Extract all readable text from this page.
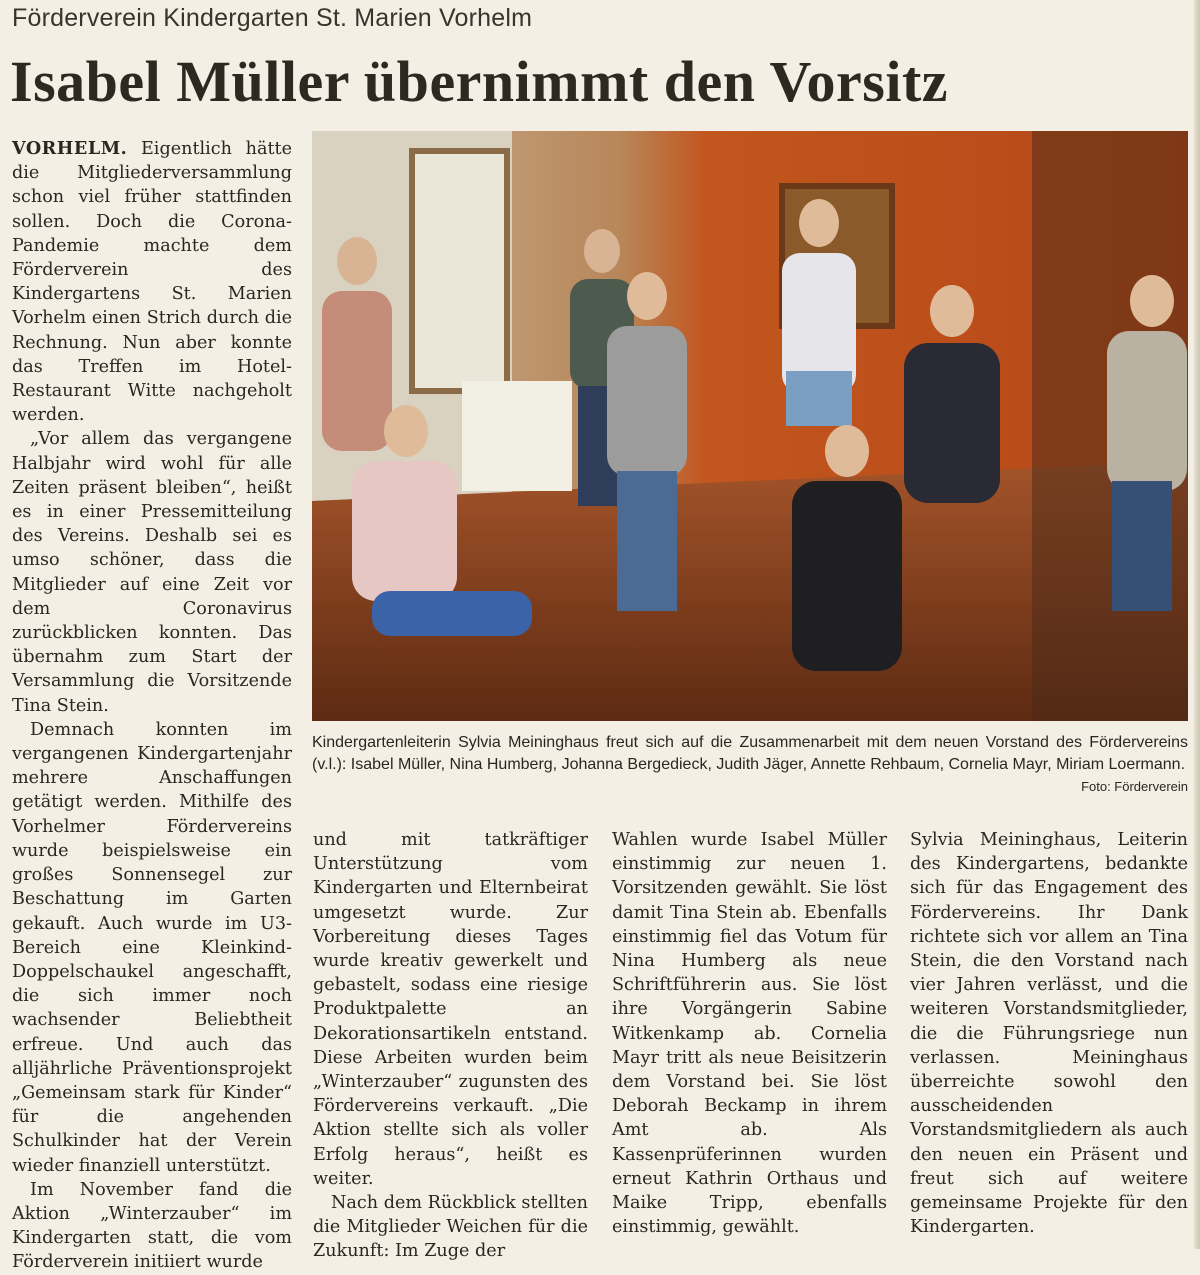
Förderverein Kindergarten St. Marien Vorhelm
Isabel Müller übernimmt den Vorsitz

VORHELM. Eigentlich hätte die Mitgliederversammlung schon viel früher stattfinden sollen. Doch die Corona-Pandemie machte dem Förderverein des Kindergartens St. Marien Vorhelm einen Strich durch die Rechnung. Nun aber konnte das Treffen im Hotel-Restaurant Witte nachgeholt werden.

„Vor allem das vergangene Halbjahr wird wohl für alle Zeiten präsent bleiben“, heißt es in einer Pressemitteilung des Vereins. Deshalb sei es umso schöner, dass die Mitglieder auf eine Zeit vor dem Coronavirus zurückblicken konnten. Das übernahm zum Start der Versammlung die Vorsitzende Tina Stein.

Demnach konnten im vergangenen Kindergartenjahr mehrere Anschaffungen getätigt werden. Mithilfe des Vorhelmer Fördervereins wurde beispielsweise ein großes Sonnensegel zur Beschattung im Garten gekauft. Auch wurde im U3-Bereich eine Kleinkind-Doppelschaukel angeschafft, die sich immer noch wachsender Beliebtheit erfreue. Und auch das alljährliche Präventionsprojekt „Gemeinsam stark für Kinder“ für die angehenden Schulkinder hat der Verein wieder finanziell unterstützt.

Im November fand die Aktion „Winterzauber“ im Kindergarten statt, die vom Förderverein initiiert wurde

Kindergartenleiterin Sylvia Meininghaus freut sich auf die Zusammenarbeit mit dem neuen Vorstand des Fördervereins (v.l.): Isabel Müller, Nina Humberg, Johanna Bergedieck, Judith Jäger, Annette Rehbaum, Cornelia Mayr, Miriam Loermann.
Foto: Förderverein

und mit tatkräftiger Unterstützung vom Kindergarten und Elternbeirat umgesetzt wurde. Zur Vorbereitung dieses Tages wurde kreativ gewerkelt und gebastelt, sodass eine riesige Produktpalette an Dekorationsartikeln entstand. Diese Arbeiten wurden beim „Winterzauber“ zugunsten des Fördervereins verkauft. „Die Aktion stellte sich als voller Erfolg heraus“, heißt es weiter.

Nach dem Rückblick stellten die Mitglieder Weichen für die Zukunft: Im Zuge der

Wahlen wurde Isabel Müller einstimmig zur neuen 1. Vorsitzenden gewählt. Sie löst damit Tina Stein ab. Ebenfalls einstimmig fiel das Votum für Nina Humberg als neue Schriftführerin aus. Sie löst ihre Vorgängerin Sabine Witkenkamp ab. Cornelia Mayr tritt als neue Beisitzerin dem Vorstand bei. Sie löst Deborah Beckamp in ihrem Amt ab. Als Kassenprüferinnen wurden erneut Kathrin Orthaus und Maike Tripp, ebenfalls einstimmig, gewählt.

Sylvia Meininghaus, Leiterin des Kindergartens, bedankte sich für das Engagement des Fördervereins. Ihr Dank richtete sich vor allem an Tina Stein, die den Vorstand nach vier Jahren verlässt, und die weiteren Vorstandsmitglieder, die die Führungsriege nun verlassen. Meininghaus überreichte sowohl den ausscheidenden Vorstandsmitgliedern als auch den neuen ein Präsent und freut sich auf weitere gemeinsame Projekte für den Kindergarten.
